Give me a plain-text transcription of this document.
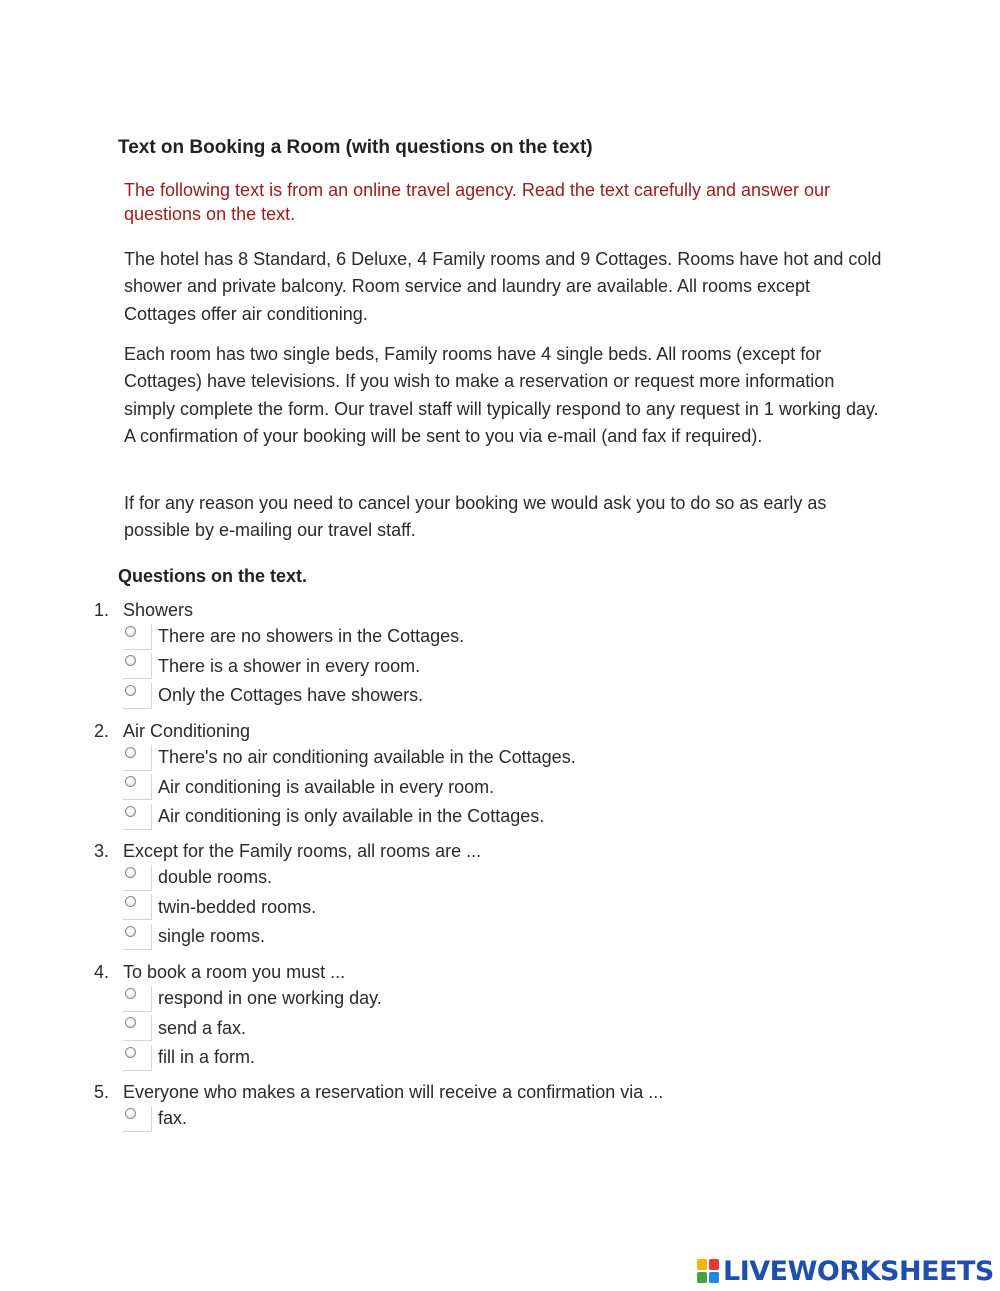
Text on Booking a Room (with questions on the text)
The following text is from an online travel agency. Read the text carefully and answer our questions on the text.
The hotel has 8 Standard, 6 Deluxe, 4 Family rooms and 9 Cottages. Rooms have hot and cold shower and private balcony. Room service and laundry are available. All rooms except Cottages offer air conditioning.
Each room has two single beds, Family rooms have 4 single beds. All rooms (except for Cottages) have televisions. If you wish to make a reservation or request more information simply complete the form. Our travel staff will typically respond to any request in 1 working day. A confirmation of your booking will be sent to you via e-mail (and fax if required).
If for any reason you need to cancel your booking we would ask you to do so as early as possible by e-mailing our travel staff.
Questions on the text.
1. Showers
There are no showers in the Cottages.
There is a shower in every room.
Only the Cottages have showers.
2. Air Conditioning
There's no air conditioning available in the Cottages.
Air conditioning is available in every room.
Air conditioning is only available in the Cottages.
3. Except for the Family rooms, all rooms are ...
double rooms.
twin-bedded rooms.
single rooms.
4. To book a room you must ...
respond in one working day.
send a fax.
fill in a form.
5. Everyone who makes a reservation will receive a confirmation via ...
fax.
LIVEWORKSHEETS
